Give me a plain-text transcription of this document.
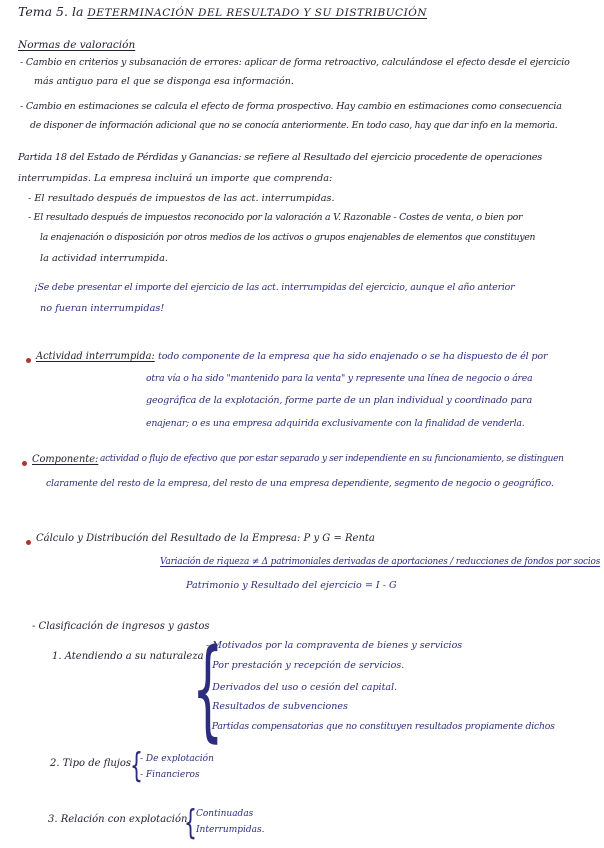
Tema 5. la DETERMINACIÓN DEL RESULTADO Y SU DISTRIBUCIÓN
Normas de valoración
- Cambio en criterios y subsanación de errores: aplicar de forma retroactivo, calculándose el efecto desde el ejercicio
más antiguo para el que se disponga esa información.
- Cambio en estimaciones se calcula el efecto de forma prospectivo. Hay cambio en estimaciones como consecuencia
de disponer de información adicional que no se conocía anteriormente. En todo caso, hay que dar info en la memoria.
Partida 18 del Estado de Pérdidas y Ganancias: se refiere al Resultado del ejercicio procedente de operaciones
interrumpidas. La empresa incluirá un importe que comprenda:
- El resultado después de impuestos de las act. interrumpidas.
- El resultado después de impuestos reconocido por la valoración a V. Razonable - Costes de venta, o bien por
la enajenación o disposición por otros medios de los activos o grupos enajenables de elementos que constituyen
la actividad interrumpida.
¡Se debe presentar el importe del ejercicio de las act. interrumpidas del ejercicio, aunque el año anterior
no fueran interrumpidas!
Actividad interrumpida: todo componente de la empresa que ha sido enajenado o se ha dispuesto de él por
otra vía o ha sido "mantenido para la venta" y represente una línea de negocio o área
geográfica de la explotación, forme parte de un plan individual y coordinado para
enajenar; o es una empresa adquirida exclusivamente con la finalidad de venderla.
Componente: actividad o flujo de efectivo que por estar separado y ser independiente en su funcionamiento, se distinguen
claramente del resto de la empresa, del resto de una empresa dependiente, segmento de negocio o geográfico.
Cálculo y Distribución del Resultado de la Empresa: P y G = Renta
Variación de riqueza ≠ Δ patrimoniales derivadas de aportaciones / reducciones de fondos por socios
Patrimonio y Resultado del ejercicio = I - G
- Clasificación de ingresos y gastos
1. Atendiendo a su naturaleza
{
- Motivados por la compraventa de bienes y servicios
- Por prestación y recepción de servicios.
- Derivados del uso o cesión del capital.
- Resultados de subvenciones
- Partidas compensatorias que no constituyen resultados propiamente dichos
2. Tipo de flujos
{
- De explotación
- Financieros
3. Relación con explotación
{ Continuadas
Interrumpidas.
